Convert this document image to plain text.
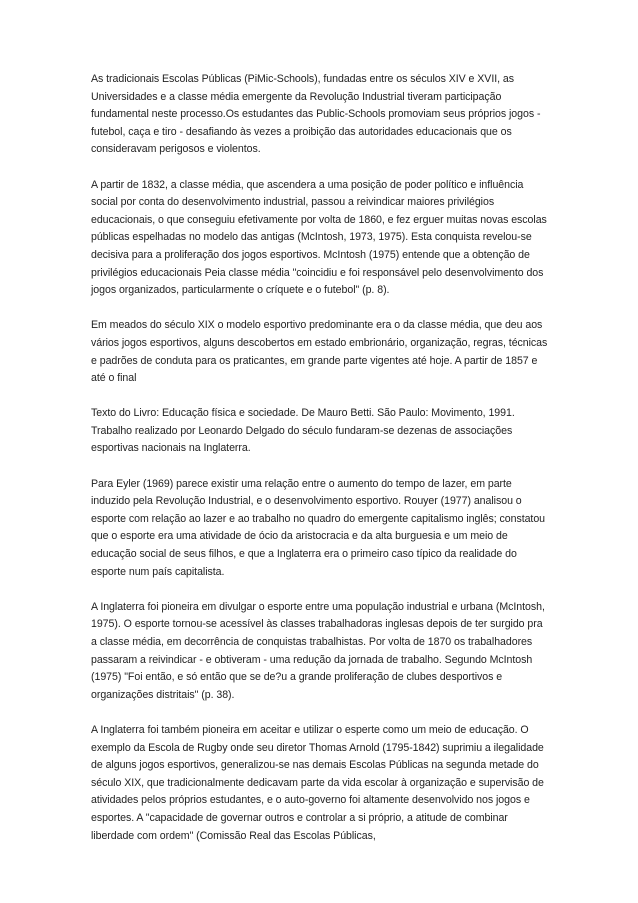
As tradicionais Escolas Públicas (PiMic-Schools), fundadas entre os séculos XIV e XVII, as Universidades e a classe média emergente da Revolução Industrial tiveram participação fundamental neste processo.Os estudantes das Public-Schools promoviam seus próprios jogos - futebol, caça e tiro - desafiando às vezes a proibição das autoridades educacionais que os consideravam perigosos e violentos.

A partir de 1832, a classe média, que ascendera a uma posição de poder político e influência social por conta do desenvolvimento industrial, passou a reivindicar maiores privilégios educacionais, o que conseguiu efetivamente por volta de 1860, e fez erguer muitas novas escolas públicas espelhadas no modelo das antigas (McIntosh, 1973, 1975). Esta conquista revelou-se decisiva para a proliferação dos jogos esportivos. McIntosh (1975) entende que a obtenção de privilégios educacionais Peia classe média "coincidiu e foi responsável pelo desenvolvimento dos jogos organizados, particularmente o críquete e o futebol" (p. 8).

Em meados do século XIX o modelo esportivo predominante era o da classe média, que deu aos vários jogos esportivos, alguns descobertos em estado embrionário, organização, regras, técnicas e padrões de conduta para os praticantes, em grande parte vigentes até hoje. A partir de 1857 e até o final

Texto do Livro: Educação física e sociedade. De Mauro Betti. São Paulo: Movimento, 1991. Trabalho realizado por Leonardo Delgado do século fundaram-se dezenas de associações esportivas nacionais na Inglaterra.

Para Eyler (1969) parece existir uma relação entre o aumento do tempo de lazer, em parte induzido pela Revolução Industrial, e o desenvolvimento esportivo. Rouyer (1977) analisou o esporte com relação ao lazer e ao trabalho no quadro do emergente capitalismo inglês; constatou que o esporte era uma atividade de ócio da aristocracia e da alta burguesia e um meio de educação social de seus filhos, e que a Inglaterra era o primeiro caso típico da realidade do esporte num país capitalista.

A Inglaterra foi pioneira em divulgar o esporte entre uma população industrial e urbana (McIntosh, 1975). O esporte tornou-se acessível às classes trabalhadoras inglesas depois de ter surgido pra a classe média, em decorrência de conquistas trabalhistas. Por volta de 1870 os trabalhadores passaram a reivindicar - e obtiveram - uma redução da jornada de trabalho. Segundo McIntosh (1975) "Foi então, e só então que se de?u a grande proliferação de clubes desportivos e organizações distritais" (p. 38).

A Inglaterra foi também pioneira em aceitar e utilizar o esperte como um meio de educação. O exemplo da Escola de Rugby onde seu diretor Thomas Arnold (1795-1842) suprimiu a ilegalidade de alguns jogos esportivos, generalizou-se nas demais Escolas Públicas na segunda metade do século XIX, que tradicionalmente dedicavam parte da vida escolar à organização e supervisão de atividades pelos próprios estudantes, e o auto-governo foi altamente desenvolvido nos jogos e esportes. A "capacidade de governar outros e controlar a si próprio, a atitude de combinar liberdade com ordem" (Comissão Real das Escolas Públicas,
